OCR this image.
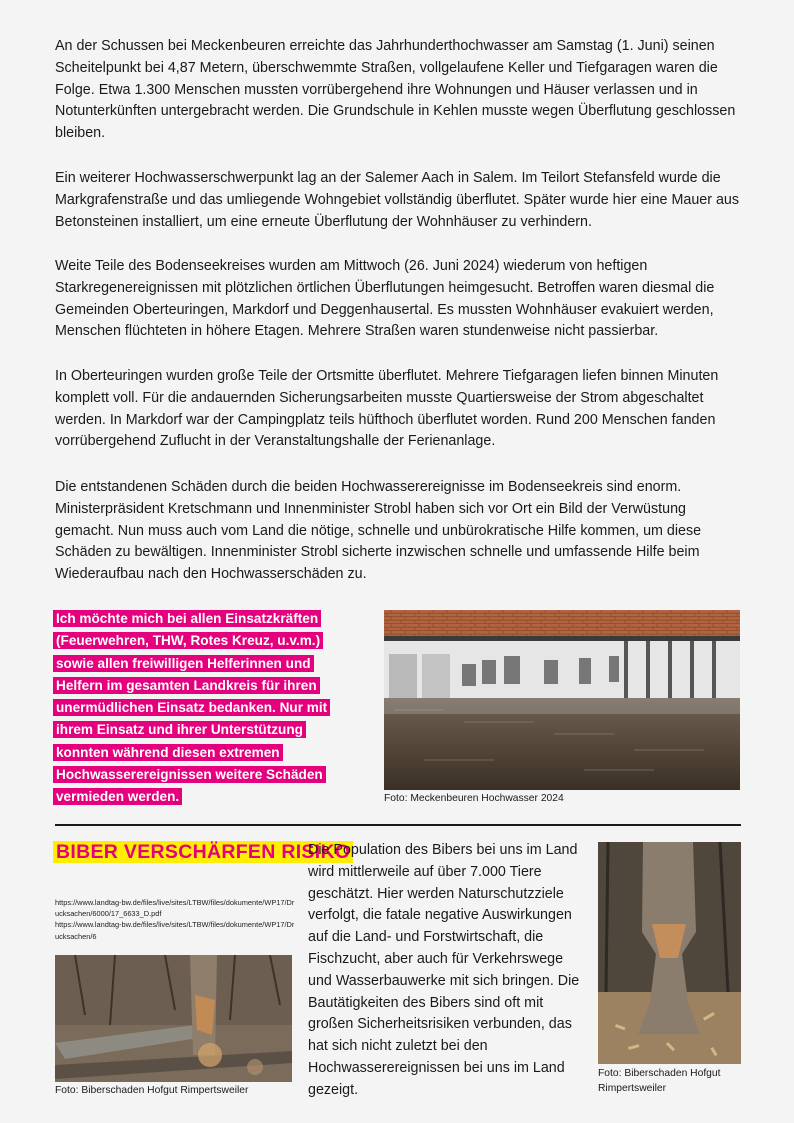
An der Schussen bei Meckenbeuren erreichte das Jahrhunderthochwasser am Samstag (1. Juni) seinen Scheitelpunkt bei 4,87 Metern, überschwemmte Straßen, vollgelaufene Keller und Tiefgaragen waren die Folge. Etwa 1.300 Menschen mussten vorrübergehend ihre Wohnungen und Häuser verlassen und in Notunterkünften untergebracht werden. Die Grundschule in Kehlen musste wegen Überflutung geschlossen bleiben.

Ein weiterer Hochwasserschwerpunkt lag an der Salemer Aach in Salem. Im Teilort Stefansfeld wurde die Markgrafenstraße und das umliegende Wohngebiet vollständig überflutet. Später wurde hier eine Mauer aus Betonsteinen installiert, um eine erneute Überflutung der Wohnhäuser zu verhindern.

Weite Teile des Bodenseekreises wurden am Mittwoch (26. Juni 2024) wiederum von heftigen Starkregenereignissen mit plötzlichen örtlichen Überflutungen heimgesucht. Betroffen waren diesmal die Gemeinden Oberteuringen, Markdorf und Deggenhausertal. Es mussten Wohnhäuser evakuiert werden, Menschen flüchteten in höhere Etagen. Mehrere Straßen waren stundenweise nicht passierbar.

In Oberteuringen wurden große Teile der Ortsmitte überflutet. Mehrere Tiefgaragen liefen binnen Minuten komplett voll. Für die andauernden Sicherungsarbeiten musste Quartiersweise der Strom abgeschaltet werden. In Markdorf war der Campingplatz teils hüfthoch überflutet worden. Rund 200 Menschen fanden vorrübergehend Zuflucht in der Veranstaltungshalle der Ferienanlage.

Die entstandenen Schäden durch die beiden Hochwasserereignisse im Bodenseekreis sind enorm. Ministerpräsident Kretschmann und Innenminister Strobl haben sich vor Ort ein Bild der Verwüstung gemacht. Nun muss auch vom Land die nötige, schnelle und unbürokratische Hilfe kommen, um diese Schäden zu bewältigen. Innenminister Strobl sicherte inzwischen schnelle und umfassende Hilfe beim Wiederaufbau nach den Hochwasserschäden zu.

Ich möchte mich bei allen Einsatzkräften (Feuerwehren, THW, Rotes Kreuz, u.v.m.) sowie allen freiwilligen Helferinnen und Helfern im gesamten Landkreis für ihren unermüdlichen Einsatz bedanken. Nur mit ihrem Einsatz und ihrer Unterstützung konnten während diesen extremen Hochwasserereignissen weitere Schäden vermieden werden.	Foto: Meckenbeuren Hochwasser 2024
BIBER VERSCHÄRFEN RISIKO
https://www.landtag-bw.de/files/live/sites/LTBW/files/dokumente/WP17/Drucksachen/6000/17_6633_D.pdf
https://www.landtag-bw.de/files/live/sites/LTBW/files/dokumente/WP17/Drucksachen/6
Foto: Biberschaden Hofgut Rimpertsweiler

Die Population des Bibers bei uns im Land wird mittlerweile auf über 7.000 Tiere geschätzt. Hier werden Naturschutzziele verfolgt, die fatale negative Auswirkungen auf die Land- und Forstwirtschaft, die Fischzucht, aber auch für Verkehrswege und Wasserbauwerke mit sich bringen. Die Bautätigkeiten des Bibers sind oft mit großen Sicherheitsrisiken verbunden, das hat sich nicht zuletzt bei den Hochwasserereignissen bei uns im Land gezeigt.

Foto: Biberschaden Hofgut Rimpertsweiler
